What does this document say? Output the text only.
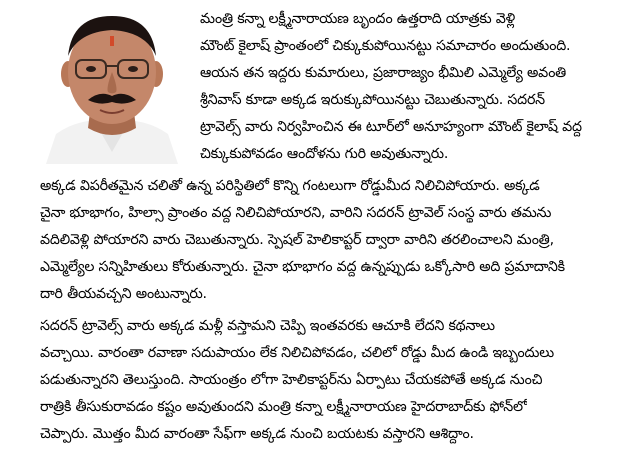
మంత్రి కన్నా లక్ష్మీనారాయణ బృందం ఉత్తరాది యాత్రకు వెళ్లి
మౌంట్ కైలాష్ ప్రాంతంలో చిక్కుకుపోయినట్టు సమాచారం అందుతుంది.
ఆయన తన ఇద్దరు కుమారులు, ప్రజారాజ్యం భీమిలి ఎమ్మెల్యే అవంతి
శ్రీనివాస్ కూడా అక్కడ ఇరుక్కుపోయినట్టు చెబుతున్నారు. సదరన్
ట్రావెల్స్ వారు నిర్వహించిన ఈ టూర్‌లో అనూహ్యంగా మౌంట్ కైలాష్ వద్ద
చిక్కుకుపోవడం ఆందోళను గురి అవుతున్నారు.
అక్కడ విపరీతమైన చలితో ఉన్న పరిస్థితిలో కొన్ని గంటలుగా రోడ్డుమీద నిలిచిపోయారు. అక్కడ
చైనా భూభాగం, హిల్సా ప్రాంతం వద్ద నిలిచిపోయారని, వారిని సదరన్ ట్రావెల్ సంస్థ వారు తమను
వదిలివెళ్లి పోయారని వారు చెబుతున్నారు. స్పెషల్ హెలికాప్టర్ ద్వారా వారిని తరలించాలని మంత్రి,
ఎమ్మెల్యేల సన్నిహితులు కోరుతున్నారు. చైనా భూభాగం వద్ద ఉన్నప్పుడు ఒక్కోసారి అది ప్రమాదానికి
దారి తీయవచ్చని అంటున్నారు.
సదరన్ ట్రావెల్స్ వారు అక్కడ మళ్లీ వస్తామని చెప్పి ఇంతవరకు ఆచూకి లేదని కథనాలు
వచ్చాయి. వారంతా రవాణా సదుపాయం లేక నిలిచిపోవడం, చలిలో రోడ్డు మీద ఉండి ఇబ్బందులు
పడుతున్నారని తెలుస్తుంది. సాయంత్రం లోగా హెలికాప్టర్‌ను ఏర్పాటు చేయకపోతే అక్కడ నుంచి
రాత్రికి తీసుకురావడం కష్టం అవుతుందని మంత్రి కన్నా లక్ష్మీనారాయణ హైదరాబాద్‌కు ఫోన్‌లో
చెప్పారు. మొత్తం మీద వారంతా సేఫ్‌గా అక్కడ నుంచి బయటకు వస్తారని ఆశిద్దాం.
